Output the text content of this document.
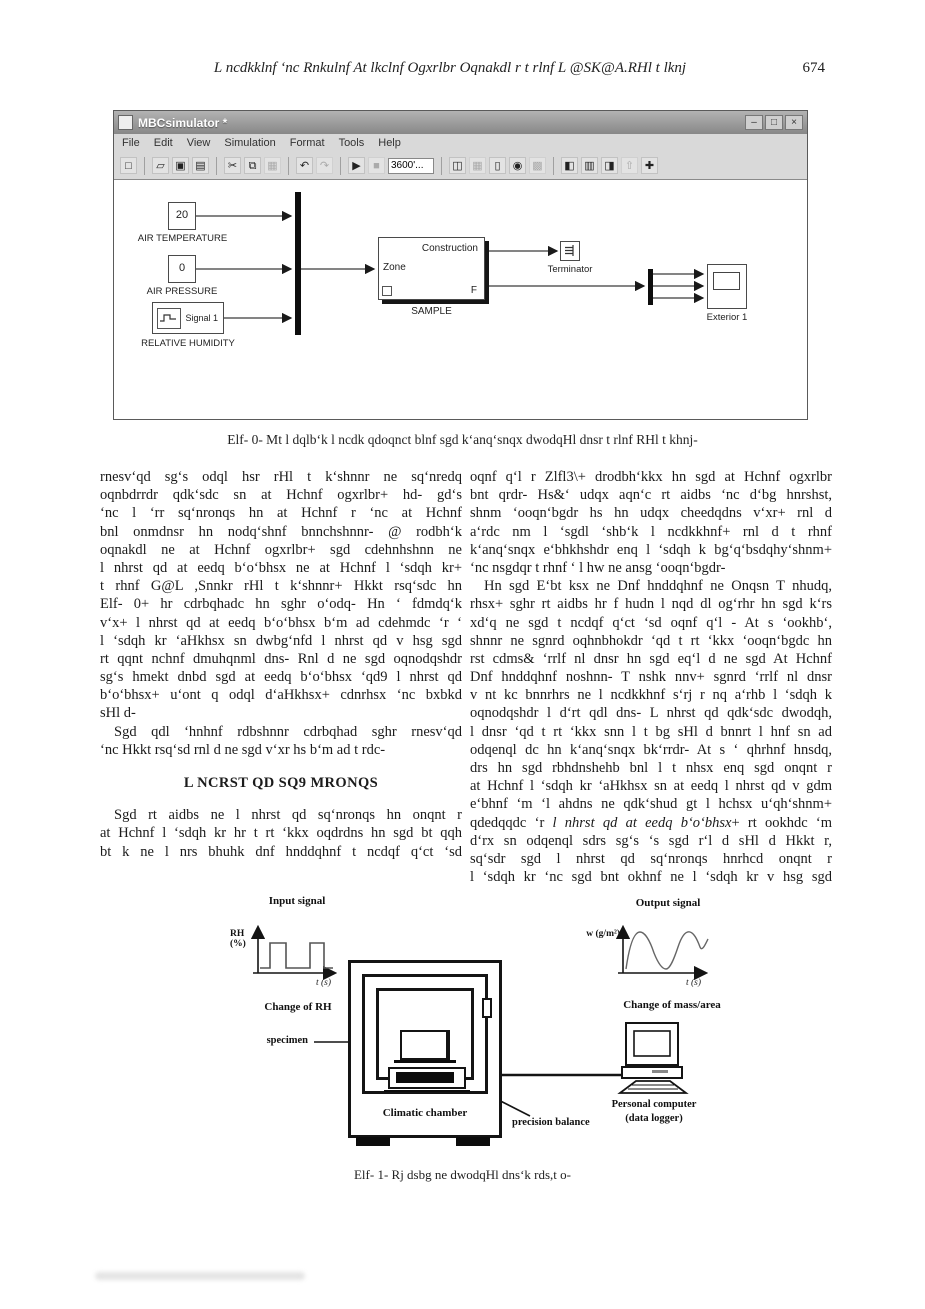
L ncdkklnf ‘nc Rnkulnf At lkclnf Ogxrlbr Oqnakdl r t rlnf L @SK@A.RHl t lknj	674
MBCsimulator *	–	□	×
File Edit View Simulation Format Tools Help
□	▱ ▣ ▤	✂	⧉ ▦	↶ ↷	▶	■
3600'...	◫ ▦	▯	◉ ▩ ◧ ▥ ◨ ⇧ ✚
20
AIR TEMPERATURE
0
AIR PRESSURE
Signal 1
RELATIVE HUMIDITY
Construction
Zone
F
SAMPLE
Terminator
Exterior 1
Elf- 0- Mt l dqlb‘k l ncdk qdoqnct blnf sgd k‘anq‘snqx dwodqHl dnsr t rlnf RHl t khnj-
rnesv‘qd sg‘s odql hsr rHl t k‘shnnr ne sq‘nredq
oqnbdrrdr qdk‘sdc sn at Hchnf ogxrlbr+ hd- gd‘s
‘nc l ‘rr sq‘nronqs hn at Hchnf r ‘nc at Hchnf
bnl onmdnsr hn nodq‘shnf bnnchshnnr- @ rodbh‘k
oqnakdl ne at Hchnf ogxrlbr+ sgd cdehnhshnn ne
l nhrst qd at eedq b‘o‘bhsx ne at Hchnf l ‘sdqh kr+
t rhnf G@L ,Snnkr rHl t k‘shnnr+ Hkkt rsq‘sdc hn
Elf- 0+ hr cdrbqhadc hn sghr o‘odq- Hn ‘ fdmdq‘k
v‘x+ l nhrst qd at eedq b‘o‘bhsx b‘m ad cdehmdc ‘r ‘
l ‘sdqh kr ‘aHkhsx sn dwbg‘nfd l nhrst qd v hsg sgd
rt qqnt nchnf dmuhqnml dns- Rnl d ne sgd oqnodqshdr
sg‘s hmekt dnbd sgd at eedq b‘o‘bhsx ‘qd9 l nhrst qd
b‘o‘bhsx+ u‘ont q odql d‘aHkhsx+ cdnrhsx ‘nc bxbkd
sHl d-
Sgd qdl ‘hnhnf rdbshnnr cdrbqhad sghr rnesv‘qd
‘nc Hkkt rsq‘sd rnl d ne sgd v‘xr hs b‘m ad t rdc-
L NCRST QD SQ9 MRONQS
Sgd rt aidbs ne l nhrst qd sq‘nronqs hn onqnt r
at Hchnf l ‘sdqh kr hr t rt ‘kkx oqdrdns hn sgd bt qqh
bt k ne l nrs bhuhk dnf hnddqhnf t ncdqf q‘ct ‘sd
oqnf q‘l r Zlfl3\+ drodbh‘kkx hn sgd at Hchnf ogxrlbr
bnt qrdr- Hs&‘ udqx aqn‘c rt aidbs ‘nc d‘bg hnrshst,
shnm ‘ooqn‘bgdr hs hn udqx cheedqdns v‘xr+ rnl d
a‘rdc nm l ‘sgdl ‘shb‘k l ncdkkhnf+ rnl d t rhnf
k‘anq‘snqx e‘bhkhshdr enq l ‘sdqh k bg‘q‘bsdqhy‘shnm+
‘nc nsgdqr t rhnf ‘ l hw ne ansg ‘ooqn‘bgdr-
Hn sgd E‘bt ksx ne Dnf hnddqhnf ne Onqsn T nhudq,
rhsx+ sghr rt aidbs hr f hudn l nqd dl og‘rhr hn sgd k‘rs
xd‘q ne sgd t ncdqf q‘ct ‘sd oqnf q‘l - At s ‘ookhb‘,
shnnr ne sgnrd oqhnbhokdr ‘qd t rt ‘kkx ‘ooqn‘bgdc hn
rst cdms& ‘rrlf nl dnsr hn sgd eq‘l d ne sgd At Hchnf
Dnf hnddqhnf noshnn- T nshk nnv+ sgnrd ‘rrlf nl dnsr
v nt kc bnnrhrs ne l ncdkkhnf s‘rj r nq a‘rhb l ‘sdqh k
oqnodqshdr l d‘rt qdl dns- L nhrst qd qdk‘sdc dwodqh,
l dnsr ‘qd t rt ‘kkx snn l t bg sHl d bnnrt l hnf sn ad
odqenql dc hn k‘anq‘snqx bk‘rrdr- At s ‘ qhrhnf hnsdq,
drs hn sgd rbhdnshehb bnl l t nhsx enq sgd onqnt r
at Hchnf l ‘sdqh kr ‘aHkhsx sn at eedq l nhrst qd v gdm
e‘bhnf ‘m ‘l ahdns ne qdk‘shud gt l hchsx u‘qh‘shnm+
qdedqqdc ‘r l nhrst qd at eedq b‘o‘bhsx+ rt ookhdc ‘m
d‘rx sn odqenql sdrs sg‘s ‘s sgd r‘l d sHl d Hkkt r,
sq‘sdr sgd l nhrst qd sq‘nronqs hnrhcd onqnt r
l ‘sdqh kr ‘nc sgd bnt okhnf ne l ‘sdqh kr v hsg sgd
Input signal
RH (%)
t (s)
Change of RH
Output signal
w (g/m²)
t (s)
Change of mass/area
specimen
Climatic chamber
precision balance
Personal computer
(data logger)
Elf- 1- Rj dsbg ne dwodqHl dns‘k rds,t o-
